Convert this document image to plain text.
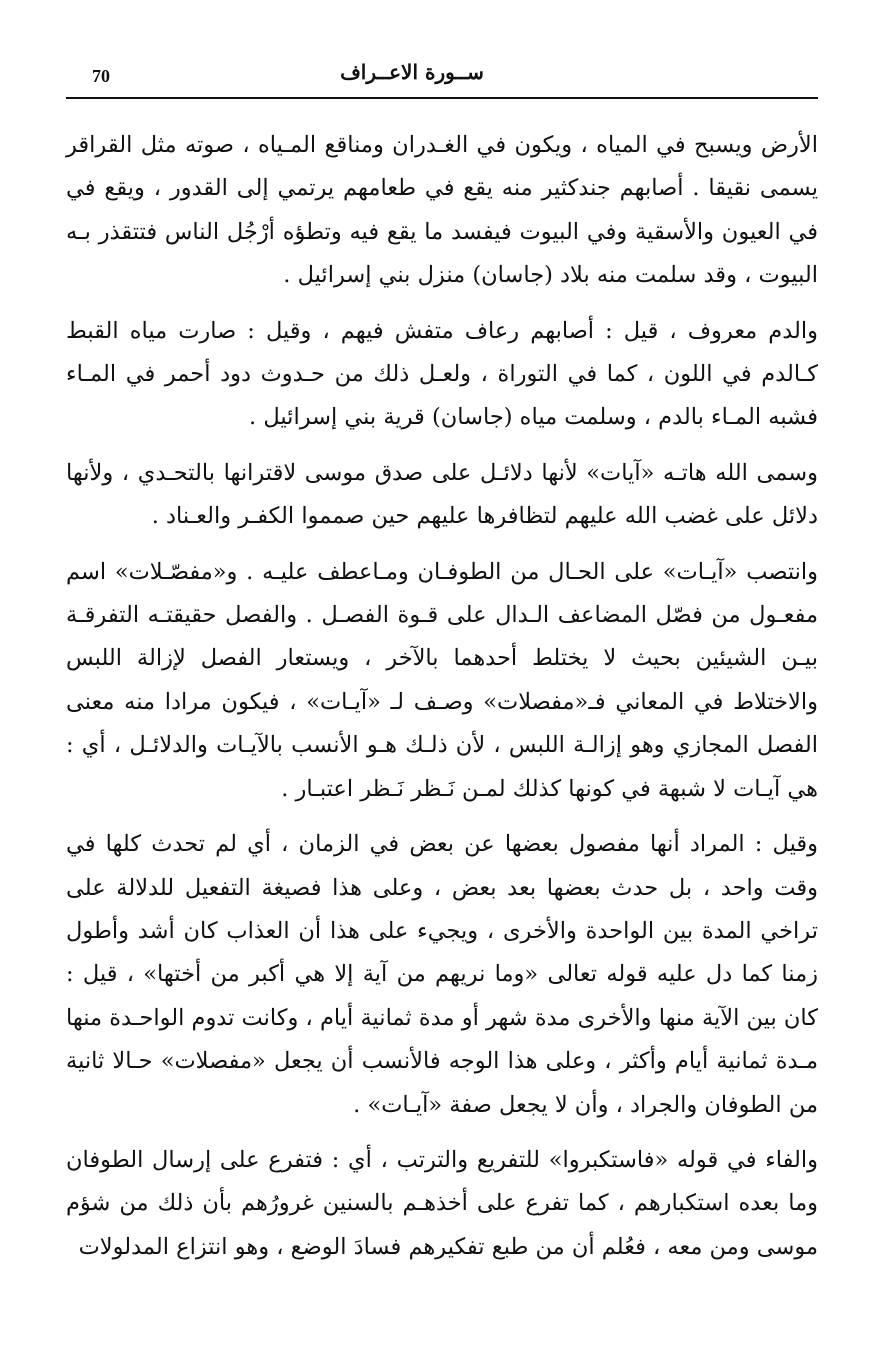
70	ســورة الاعــراف

الأرض ويسبح في المياه ، ويكون في الغـدران ومناقع المـياه ، صوته مثل القراقر يسمى نقيقا . أصابهم جندكثير منه يقع في طعامهم يرتمي إلى القدور ، ويقع في في العيون والأسقية وفي البيوت فيفسد ما يقع فيه وتطؤه أرْجُل الناس فتتقذر بـه البيوت ، وقد سلمت منه بلاد (جاسان) منزل بني إسرائيل .

والدم معروف ، قيل : أصابهم رعاف متفش فيهم ، وقيل : صارت مياه القبط كـالدم في اللون ، كما في التوراة ، ولعـل ذلك من حـدوث دود أحمر في المـاء فشبه المـاء بالدم ، وسلمت مياه (جاسان) قرية بني إسرائيل .

وسمى الله هاتـه «آيات» لأنها دلائـل على صدق موسى لاقترانها بالتحـدي ، ولأنها دلائل على غضب الله عليهم لتظافرها عليهم حين صمموا الكفـر والعـناد .

وانتصب «آيـات» على الحـال من الطوفـان ومـاعطف عليـه . و«مفصّـلات» اسم مفعـول من فصّل المضاعف الـدال على قـوة الفصـل . والفصل حقيقتـه التفرقـة بيـن الشيئين بحيث لا يختلط أحدهما بالآخر ، ويستعار الفصل لإزالة اللبس والاختلاط في المعاني فـ«مفصلات» وصـف لـ «آيـات» ، فيكون مرادا منه معنى الفصل المجازي وهو إزالـة اللبس ، لأن ذلـك هـو الأنسب بالآيـات والدلائـل ، أي : هي آيـات لا شبهة في كونها كذلك لمـن نَـظر نَـظر اعتبـار .

وقيل : المراد أنها مفصول بعضها عن بعض في الزمان ، أي لم تحدث كلها في وقت واحد ، بل حدث بعضها بعد بعض ، وعلى هذا فصيغة التفعيل للدلالة على تراخي المدة بين الواحدة والأخرى ، ويجيء على هذا أن العذاب كان أشد وأطول زمنا كما دل عليه قوله تعالى «وما نريهم من آية إلا هي أكبر من أختها» ، قيل : كان بين الآية منها والأخرى مدة شهر أو مدة ثمانية أيام ، وكانت تدوم الواحـدة منها مـدة ثمانية أيام وأكثر ، وعلى هذا الوجه فالأنسب أن يجعل «مفصلات» حـالا ثانية من الطوفان والجراد ، وأن لا يجعل صفة «آيـات» .

والفاء في قوله «فاستكبروا» للتفريع والترتب ، أي : فتفرع على إرسال الطوفان وما بعده استكبارهم ، كما تفرع على أخذهـم بالسنين غرورُهم بأن ذلك من شؤم موسى ومن معه ، فعُلم أن من طبع تفكيرهم فسادَ الوضع ، وهو انتزاع المدلولات
